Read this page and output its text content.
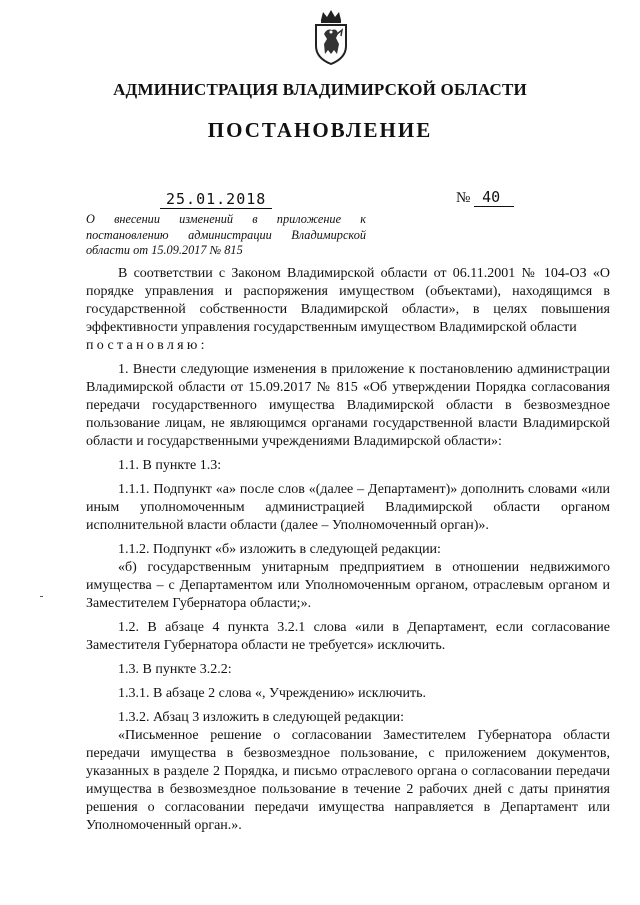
АДМИНИСТРАЦИЯ ВЛАДИМИРСКОЙ ОБЛАСТИ
ПОСТАНОВЛЕНИЕ
25.01.2018	№ 40
О внесении изменений в приложение к постановлению администрации Владимирской области от 15.09.2017 № 815

В соответствии с Законом Владимирской области от 06.11.2001 № 104-ОЗ «О порядке управления и распоряжения имуществом (объектами), находящимся в государственной собственности Владимирской области», в целях повышения эффективности управления государственным имуществом Владимирской области

постановляю:

1. Внести следующие изменения в приложение к постановлению администрации Владимирской области от 15.09.2017 № 815 «Об утверждении Порядка согласования передачи государственного имущества Владимирской области в безвозмездное пользование лицам, не являющимся органами государственной власти Владимирской области и государственными учреждениями Владимирской области»:

1.1. В пункте 1.3:

1.1.1. Подпункт «а» после слов «(далее – Департамент)» дополнить словами «или иным уполномоченным администрацией Владимирской области органом исполнительной власти области (далее – Уполномоченный орган)».

1.1.2. Подпункт «б» изложить в следующей редакции:

«б) государственным унитарным предприятием в отношении недвижимого имущества – с Департаментом или Уполномоченным органом, отраслевым органом и Заместителем Губернатора области;».

1.2. В абзаце 4 пункта 3.2.1 слова «или в Департамент, если согласование Заместителя Губернатора области не требуется» исключить.

1.3. В пункте 3.2.2:

1.3.1. В абзаце 2 слова «, Учреждению» исключить.

1.3.2. Абзац 3 изложить в следующей редакции:

«Письменное решение о согласовании Заместителем Губернатора области передачи имущества в безвозмездное пользование, с приложением документов, указанных в разделе 2 Порядка, и письмо отраслевого органа о согласовании передачи имущества в безвозмездное пользование в течение 2 рабочих дней с даты принятия решения о согласовании передачи имущества направляется в Департамент или Уполномоченный орган.».
